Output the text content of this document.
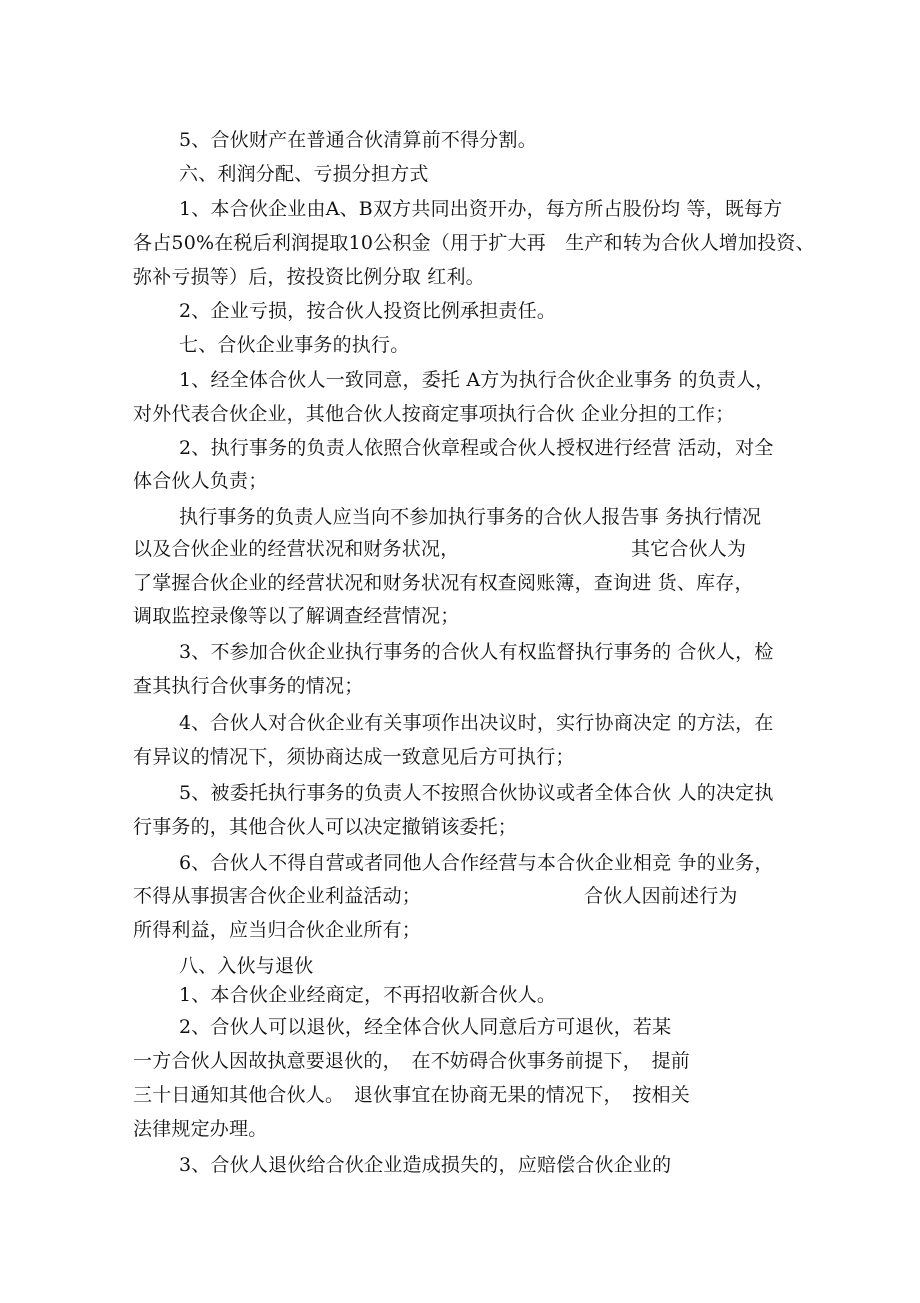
5、合伙财产在普通合伙清算前不得分割。

六、利润分配、亏损分担方式

1、本合伙企业由A、B双方共同出资开办，每方所占股份均 等，既每方

各占50%在税后利润提取10公积金（用于扩大再　生产和转为合伙人增加投资、

弥补亏损等）后，按投资比例分取 红利。

2、企业亏损，按合伙人投资比例承担责任。

七、合伙企业事务的执行。

1、经全体合伙人一致同意，委托 A方为执行合伙企业事务 的负责人，

对外代表合伙企业，其他合伙人按商定事项执行合伙 企业分担的工作；

2、执行事务的负责人依照合伙章程或合伙人授权进行经营 活动，对全

体合伙人负责；

执行事务的负责人应当向不参加执行事务的合伙人报告事 务执行情况

以及合伙企业的经营状况和财务状况，	其它合伙人为

了掌握合伙企业的经营状况和财务状况有权查阅账簿，查询进 货、库存，

调取监控录像等以了解调查经营情况；

3、不参加合伙企业执行事务的合伙人有权监督执行事务的 合伙人，检

查其执行合伙事务的情况；

4、合伙人对合伙企业有关事项作出决议时，实行协商决定 的方法，在

有异议的情况下，须协商达成一致意见后方可执行；

5、被委托执行事务的负责人不按照合伙协议或者全体合伙 人的决定执

行事务的，其他合伙人可以决定撤销该委托；

6、合伙人不得自营或者同他人合作经营与本合伙企业相竞 争的业务，

不得从事损害合伙企业利益活动；	合伙人因前述行为

所得利益，应当归合伙企业所有；

八、入伙与退伙

1、本合伙企业经商定，不再招收新合伙人。

2、合伙人可以退伙，经全体合伙人同意后方可退伙，若某

一方合伙人因故执意要退伙的，　在不妨碍合伙事务前提下，　提前

三十日通知其他合伙人。　退伙事宜在协商无果的情况下，　按相关

法律规定办理。

3、合伙人退伙给合伙企业造成损失的，应赔偿合伙企业的
